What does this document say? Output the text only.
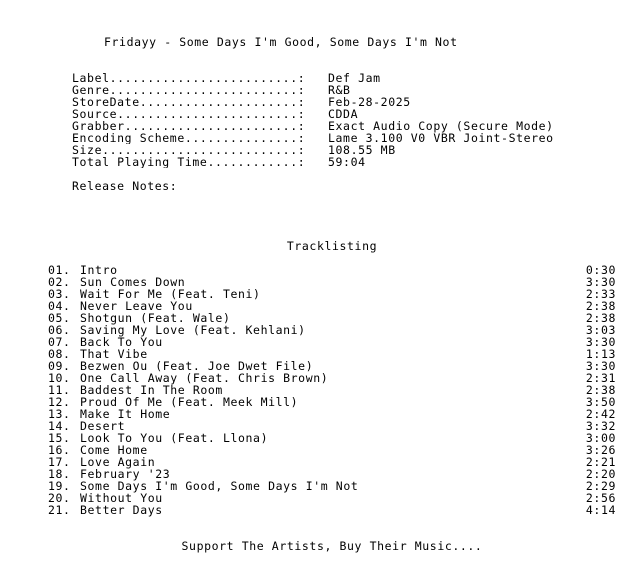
Fridayy - Some Days I'm Good, Some Days I'm Not
Label.........................:	Def Jam
Genre.........................:	R&B
StoreDate.....................:	Feb-28-2025
Source........................:	CDDA
Grabber.......................:	Exact Audio Copy (Secure Mode)
Encoding Scheme...............:	Lame 3.100 V0 VBR Joint-Stereo
Size..........................:	108.55 MB
Total Playing Time............:	59:04
Release Notes:
Tracklisting
01. Intro	0:30
02. Sun Comes Down	3:30
03. Wait For Me (Feat. Teni)	2:33
04. Never Leave You	2:38
05. Shotgun (Feat. Wale)	2:38
06. Saving My Love (Feat. Kehlani)	3:03
07. Back To You	3:30
08. That Vibe	1:13
09. Bezwen Ou (Feat. Joe Dwet File)	3:30
10. One Call Away (Feat. Chris Brown)	2:31
11. Baddest In The Room	2:38
12. Proud Of Me (Feat. Meek Mill)	3:50
13. Make It Home	2:42
14. Desert	3:32
15. Look To You (Feat. Llona)	3:00
16. Come Home	3:26
17. Love Again	2:21
18. February '23	2:20
19. Some Days I'm Good, Some Days I'm Not	2:29
20. Without You	2:56
21. Better Days	4:14
Support The Artists, Buy Their Music....
